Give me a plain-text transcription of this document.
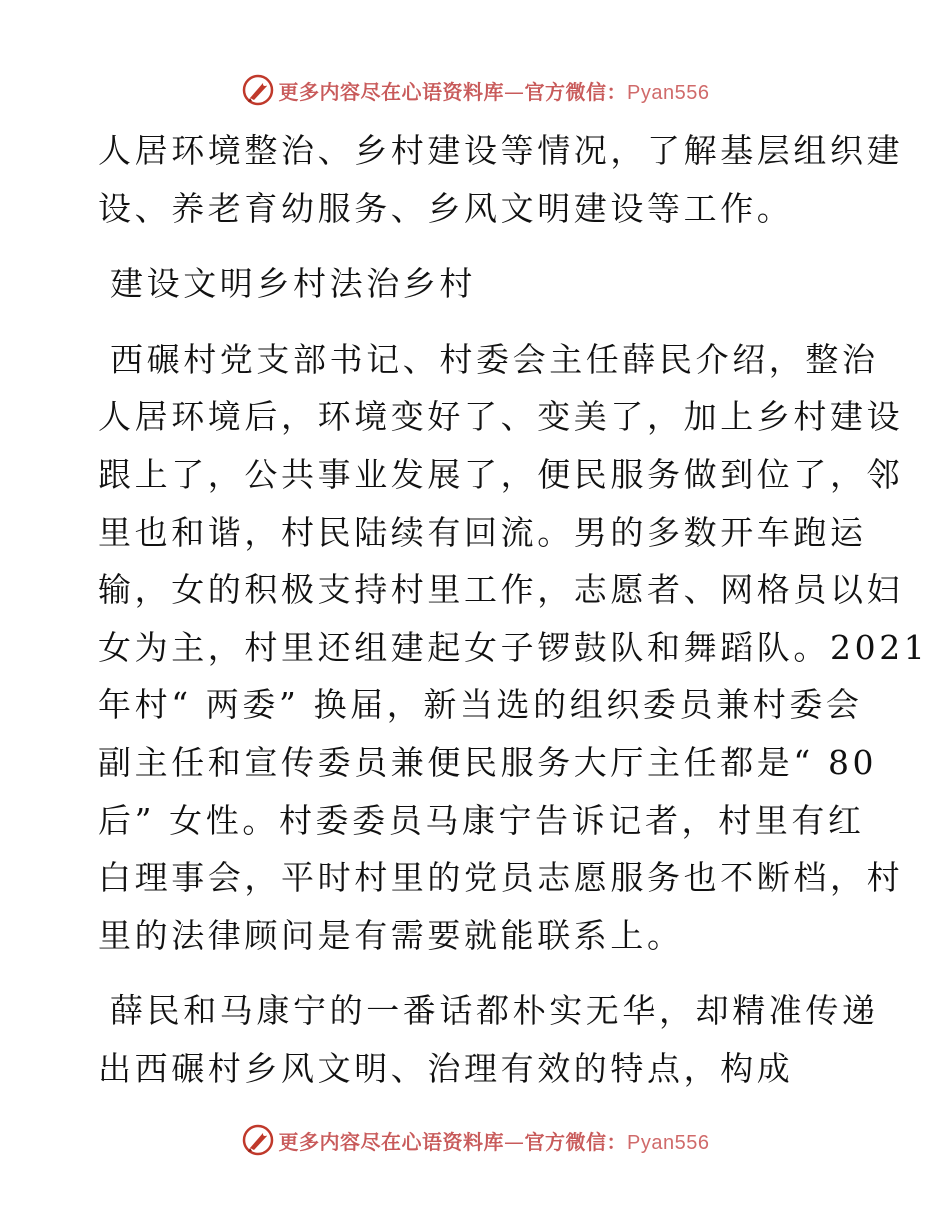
更多内容尽在心语资料库—官方微信：Pyan556

人居环境整治、乡村建设等情况，了解基层组织建
设、养老育幼服务、乡风文明建设等工作。

建设文明乡村法治乡村

西碾村党支部书记、村委会主任薛民介绍，整治
人居环境后，环境变好了、变美了，加上乡村建设
跟上了，公共事业发展了，便民服务做到位了，邻
里也和谐，村民陆续有回流。男的多数开车跑运
输，女的积极支持村里工作，志愿者、网格员以妇
女为主，村里还组建起女子锣鼓队和舞蹈队。2021
年村“ 两委” 换届，新当选的组织委员兼村委会
副主任和宣传委员兼便民服务大厅主任都是“ 80
后” 女性。村委委员马康宁告诉记者，村里有红
白理事会，平时村里的党员志愿服务也不断档，村
里的法律顾问是有需要就能联系上。

薛民和马康宁的一番话都朴实无华，却精准传递
出西碾村乡风文明、治理有效的特点，构成

更多内容尽在心语资料库—官方微信：Pyan556
